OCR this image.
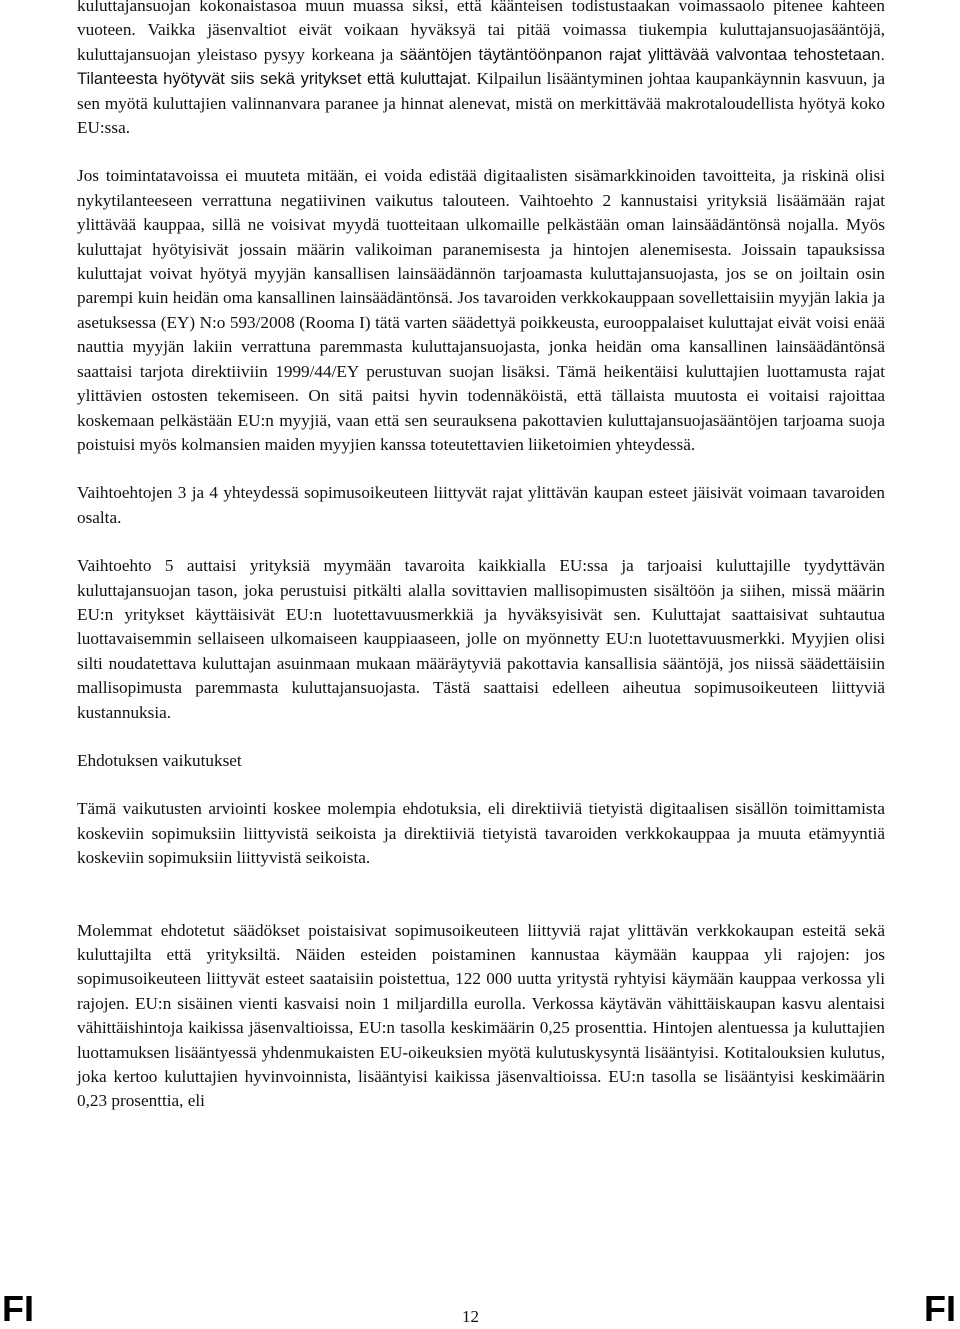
kuluttajansuojan kokonaistasoa muun muassa siksi, että käänteisen todistustaakan voimassaolo pitenee kahteen vuoteen. Vaikka jäsenvaltiot eivät voikaan hyväksyä tai pitää voimassa tiukempia kuluttajansuojasääntöjä, kuluttajansuojan yleistaso pysyy korkeana ja sääntöjen täytäntöönpanon rajat ylittävää valvontaa tehostetaan. Tilanteesta hyötyvät siis sekä yritykset että kuluttajat. Kilpailun lisääntyminen johtaa kaupankäynnin kasvuun, ja sen myötä kuluttajien valinnanvara paranee ja hinnat alenevat, mistä on merkittävää makrotaloudellista hyötyä koko EU:ssa.

Jos toimintatavoissa ei muuteta mitään, ei voida edistää digitaalisten sisämarkkinoiden tavoitteita, ja riskinä olisi nykytilanteeseen verrattuna negatiivinen vaikutus talouteen. Vaihtoehto 2 kannustaisi yrityksiä lisäämään rajat ylittävää kauppaa, sillä ne voisivat myydä tuotteitaan ulkomaille pelkästään oman lainsäädäntönsä nojalla. Myös kuluttajat hyötyisivät jossain määrin valikoiman paranemisesta ja hintojen alenemisesta. Joissain tapauksissa kuluttajat voivat hyötyä myyjän kansallisen lainsäädännön tarjoamasta kuluttajansuojasta, jos se on joiltain osin parempi kuin heidän oma kansallinen lainsäädäntönsä. Jos tavaroiden verkkokauppaan sovellettaisiin myyjän lakia ja asetuksessa (EY) N:o 593/2008 (Rooma I) tätä varten säädettyä poikkeusta, eurooppalaiset kuluttajat eivät voisi enää nauttia myyjän lakiin verrattuna paremmasta kuluttajansuojasta, jonka heidän oma kansallinen lainsäädäntönsä saattaisi tarjota direktiiviin 1999/44/EY perustuvan suojan lisäksi. Tämä heikentäisi kuluttajien luottamusta rajat ylittävien ostosten tekemiseen. On sitä paitsi hyvin todennäköistä, että tällaista muutosta ei voitaisi rajoittaa koskemaan pelkästään EU:n myyjiä, vaan että sen seurauksena pakottavien kuluttajansuojasääntöjen tarjoama suoja poistuisi myös kolmansien maiden myyjien kanssa toteutettavien liiketoimien yhteydessä.

Vaihtoehtojen 3 ja 4 yhteydessä sopimusoikeuteen liittyvät rajat ylittävän kaupan esteet jäisivät voimaan tavaroiden osalta.

Vaihtoehto 5 auttaisi yrityksiä myymään tavaroita kaikkialla EU:ssa ja tarjoaisi kuluttajille tyydyttävän kuluttajansuojan tason, joka perustuisi pitkälti alalla sovittavien mallisopimusten sisältöön ja siihen, missä määrin EU:n yritykset käyttäisivät EU:n luotettavuusmerkkiä ja hyväksyisivät sen. Kuluttajat saattaisivat suhtautua luottavaisemmin sellaiseen ulkomaiseen kauppiaaseen, jolle on myönnetty EU:n luotettavuusmerkki. Myyjien olisi silti noudatettava kuluttajan asuinmaan mukaan määräytyviä pakottavia kansallisia sääntöjä, jos niissä säädettäisiin mallisopimusta paremmasta kuluttajansuojasta. Tästä saattaisi edelleen aiheutua sopimusoikeuteen liittyviä kustannuksia.

Ehdotuksen vaikutukset

Tämä vaikutusten arviointi koskee molempia ehdotuksia, eli direktiiviä tietyistä digitaalisen sisällön toimittamista koskeviin sopimuksiin liittyvistä seikoista ja direktiiviä tietyistä tavaroiden verkkokauppaa ja muuta etämyyntiä koskeviin sopimuksiin liittyvistä seikoista.

Molemmat ehdotetut säädökset poistaisivat sopimusoikeuteen liittyviä rajat ylittävän verkkokaupan esteitä sekä kuluttajilta että yrityksiltä. Näiden esteiden poistaminen kannustaa käymään kauppaa yli rajojen: jos sopimusoikeuteen liittyvät esteet saataisiin poistettua, 122 000 uutta yritystä ryhtyisi käymään kauppaa verkossa yli rajojen. EU:n sisäinen vienti kasvaisi noin 1 miljardilla eurolla. Verkossa käytävän vähittäiskaupan kasvu alentaisi vähittäishintoja kaikissa jäsenvaltioissa, EU:n tasolla keskimäärin 0,25 prosenttia. Hintojen alentuessa ja kuluttajien luottamuksen lisääntyessä yhdenmukaisten EU-oikeuksien myötä kulutuskysyntä lisääntyisi. Kotitalouksien kulutus, joka kertoo kuluttajien hyvinvoinnista, lisääntyisi kaikissa jäsenvaltioissa. EU:n tasolla se lisääntyisi keskimäärin 0,23 prosenttia, eli

FI	12	FI
